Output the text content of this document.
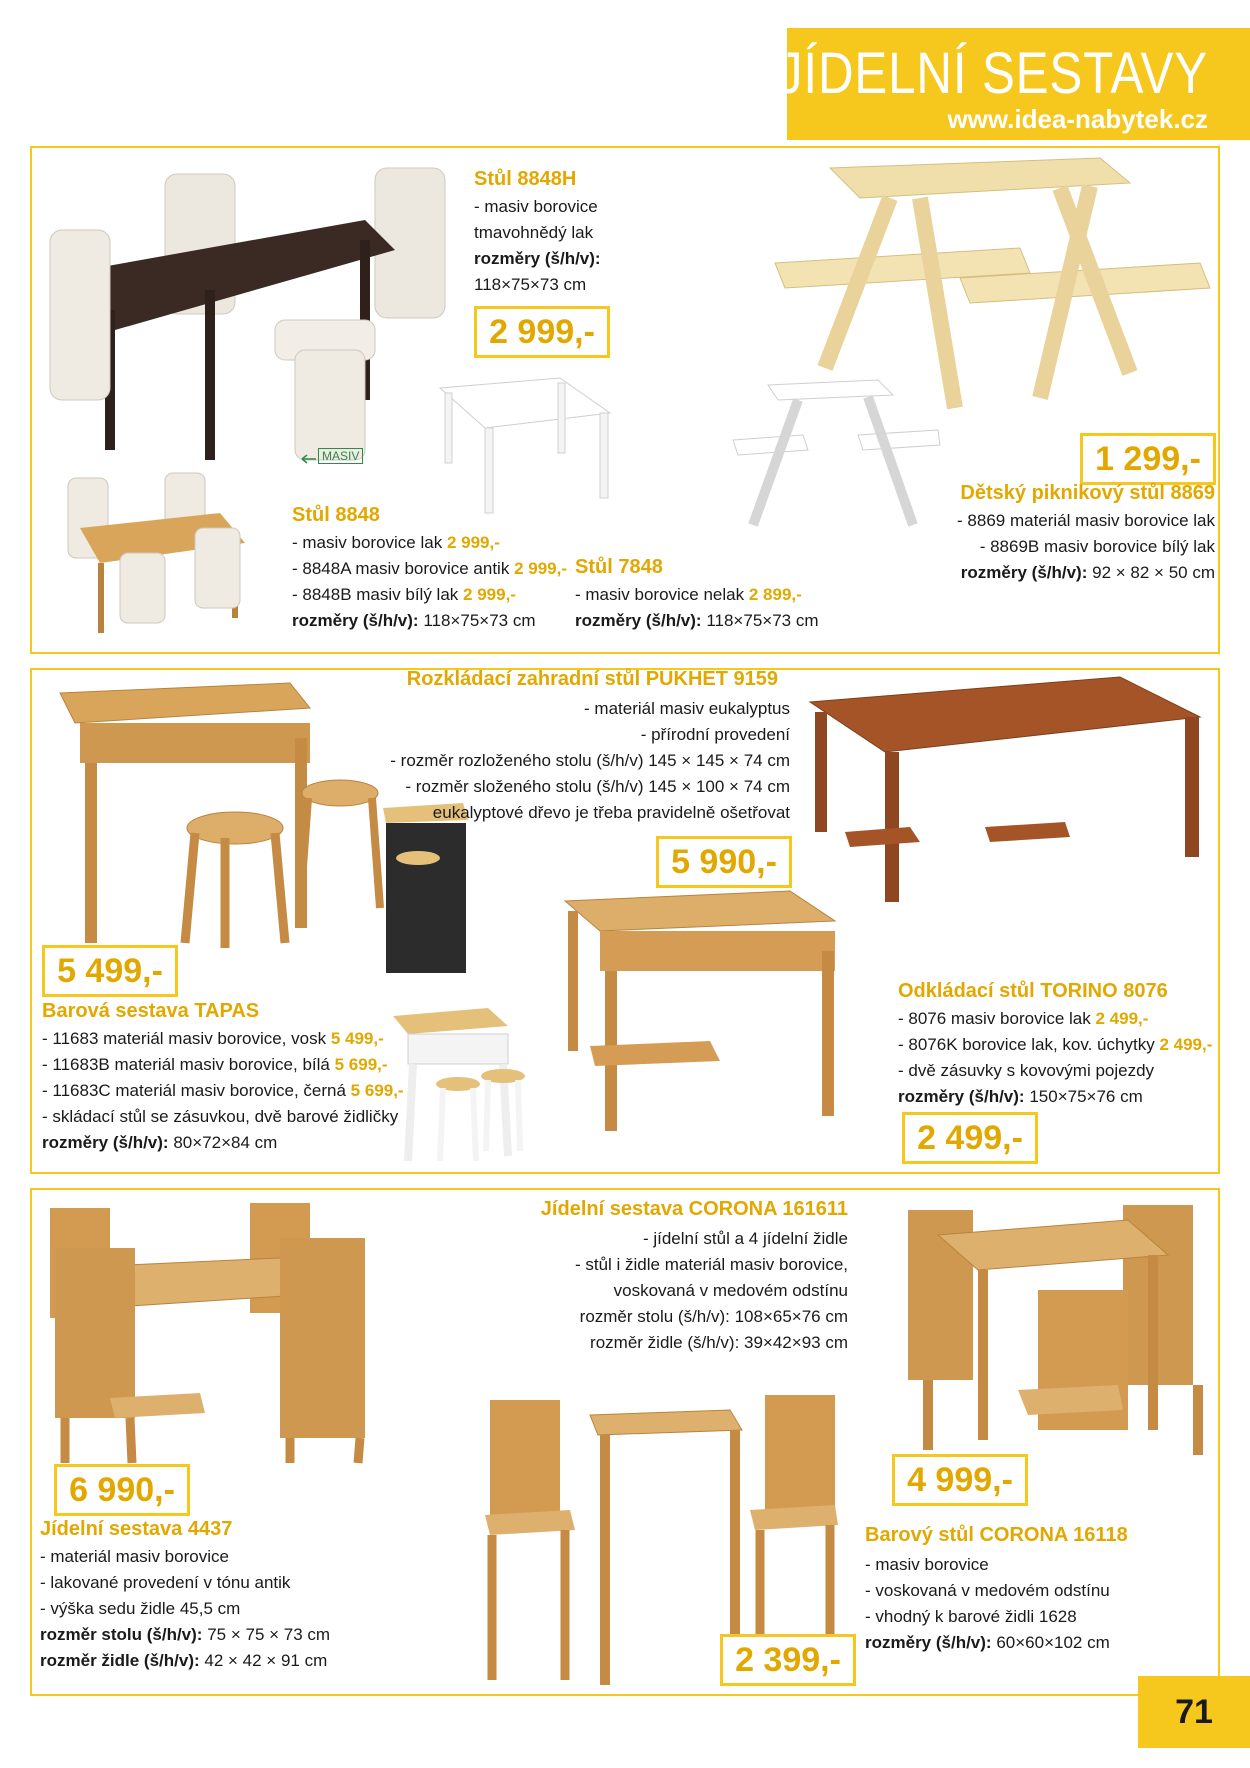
JÍDELNÍ SESTAVY
www.idea-nabytek.cz
MASIV
Stůl 8848H
- masiv borovice
tmavohnědý lak
rozměry (š/h/v):
118×75×73 cm
2 999,-
Stůl 8848
- masiv borovice lak 2 999,-
- 8848A masiv borovice antik 2 999,-
- 8848B masiv bílý lak 2 999,-
rozměry (š/h/v): 118×75×73 cm
Stůl 7848
- masiv borovice nelak 2 899,-
rozměry (š/h/v): 118×75×73 cm
1 299,-
Dětský piknikový stůl 8869
- 8869 materiál masiv borovice lak
- 8869B masiv borovice bílý lak
rozměry (š/h/v): 92 × 82 × 50 cm
Rozkládací zahradní stůl PUKHET 9159
- materiál masiv eukalyptus
- přírodní provedení
- rozměr rozloženého stolu (š/h/v) 145 × 145 × 74 cm
- rozměr složeného stolu (š/h/v) 145 × 100 × 74 cm
eukalyptové dřevo je třeba pravidelně ošetřovat
5 990,-
5 499,-
Barová sestava TAPAS
- 11683 materiál masiv borovice, vosk 5 499,-
- 11683B materiál masiv borovice, bílá 5 699,-
- 11683C materiál masiv borovice, černá 5 699,-
- skládací stůl se zásuvkou, dvě barové židličky
rozměry (š/h/v): 80×72×84 cm
Odkládací stůl TORINO 8076
- 8076 masiv borovice lak 2 499,-
- 8076K borovice lak, kov. úchytky 2 499,-
- dvě zásuvky s kovovými pojezdy
rozměry (š/h/v): 150×75×76 cm
2 499,-
Jídelní sestava CORONA 161611
- jídelní stůl a 4 jídelní židle
- stůl i židle materiál masiv borovice,
voskovaná v medovém odstínu
rozměr stolu (š/h/v): 108×65×76 cm
rozměr židle (š/h/v): 39×42×93 cm
6 990,-
Jídelní sestava 4437
- materiál masiv borovice
- lakované provedení v tónu antik
- výška sedu židle 45,5 cm
rozměr stolu (š/h/v): 75 × 75 × 73 cm
rozměr židle (š/h/v): 42 × 42 × 91 cm	2 399,-
4 999,-
Barový stůl CORONA 16118
- masiv borovice
- voskovaná v medovém odstínu
- vhodný k barové židli 1628
rozměry (š/h/v): 60×60×102 cm
71
